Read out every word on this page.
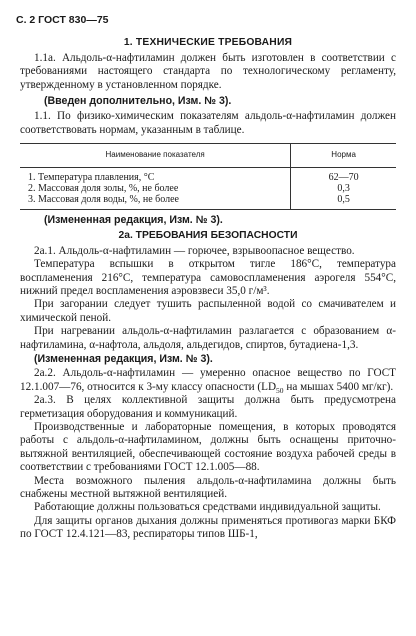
С. 2 ГОСТ 830—75
1. ТЕХНИЧЕСКИЕ ТРЕБОВАНИЯ

1.1а. Альдоль-α-нафтиламин должен быть изготовлен в соответствии с требованиями настоящего стандарта по технологическому регламенту, утвержденному в установленном порядке.

(Введен дополнительно, Изм. № 3).

1.1. По физико-химическим показателям альдоль-α-нафтиламин должен соответствовать нормам, указанным в таблице.

Наименование показателя	Норма
1. Температура плавления, °C	62—70
2. Массовая доля золы, %, не более	0,3
3. Массовая доля воды, %, не более	0,5

(Измененная редакция, Изм. № 3).

2а. ТРЕБОВАНИЯ БЕЗОПАСНОСТИ

2а.1. Альдоль-α-нафтиламин — горючее, взрывоопасное вещество.

Температура вспышки в открытом тигле 186°C, температура воспламенения 216°C, температура самовоспламенения аэрогеля 554°C, нижний предел воспламенения аэровзвеси 35,0 г/м³.

При загорании следует тушить распыленной водой со смачивателем и химической пеной.

При нагревании альдоль-α-нафтиламин разлагается с образованием α-нафтиламина, α-нафтола, альдоля, альдегидов, спиртов, бутадиена-1,3.

(Измененная редакция, Изм. № 3).

2а.2. Альдоль-α-нафтиламин — умеренно опасное вещество по ГОСТ 12.1.007—76, относится к 3-му классу опасности ($LD_{50}$ на мышах 5400 мг/кг).

2а.3. В целях коллективной защиты должна быть предусмотрена герметизация оборудования и коммуникаций.

Производственные и лабораторные помещения, в которых проводятся работы с альдоль-α-нафтиламином, должны быть оснащены приточно-вытяжной вентиляцией, обеспечивающей состояние воздуха рабочей среды в соответствии с требованиями ГОСТ 12.1.005—88.

Места возможного пыления альдоль-α-нафтиламина должны быть снабжены местной вытяжной вентиляцией.

Работающие должны пользоваться средствами индивидуальной защиты.

Для защиты органов дыхания должны применяться противогаз марки БКФ по ГОСТ 12.4.121—83, респираторы типов ШБ-1,
